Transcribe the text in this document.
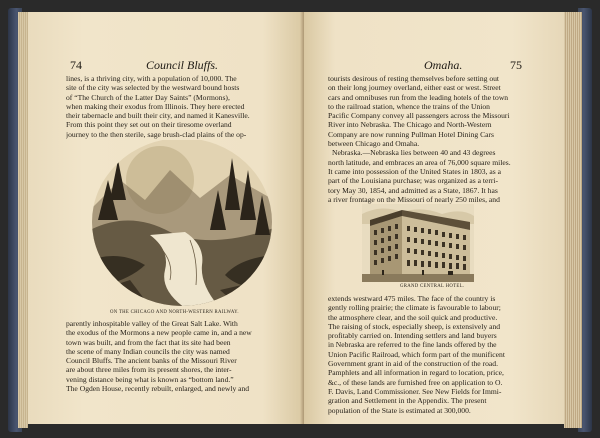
74	Council Bluffs.
lines, is a thriving city, with a population of 10,000. The
site of the city was selected by the westward bound hosts
of “The Church of the Latter Day Saints” (Mormons),
when making their exodus from Illinois. They here erected
their tabernacle and built their city, and named it Kanesville.
From this point they set out on their tiresome overland
journey to the then sterile, sage brush-clad plains of the op-
ON THE CHICAGO AND NORTH-WESTERN RAILWAY.
parently inhospitable valley of the Great Salt Lake. With
the exodus of the Mormons a new people came in, and a new
town was built, and from the fact that its site had been
the scene of many Indian councils the city was named
Council Bluffs. The ancient banks of the Missouri River
are about three miles from its present shores, the inter-
vening distance being what is known as “bottom land.”
The Ogden House, recently rebuilt, enlarged, and newly and
Omaha.	75
tourists desirous of resting themselves before setting out
on their long journey overland, either east or west. Street
cars and omnibuses run from the leading hotels of the town
to the railroad station, whence the trains of the Union
Pacific Company convey all passengers across the Missouri
River into Nebraska. The Chicago and North-Western
Company are now running Pullman Hotel Dining Cars
between Chicago and Omaha.
Nebraska.—Nebraska lies between 40 and 43 degrees
north latitude, and embraces an area of 76,000 square miles.
It came into possession of the United States in 1803, as a
part of the Louisiana purchase; was organized as a terri-
tory May 30, 1854, and admitted as a State, 1867. It has
a river frontage on the Missouri of nearly 250 miles, and
GRAND CENTRAL HOTEL.
extends westward 475 miles. The face of the country is
gently rolling prairie; the climate is favourable to labour;
the atmosphere clear, and the soil quick and productive.
The raising of stock, especially sheep, is extensively and
profitably carried on. Intending settlers and land buyers
in Nebraska are referred to the fine lands offered by the
Union Pacific Railroad, which form part of the munificent
Government grant in aid of the construction of the road.
Pamphlets and all information in regard to location, price,
&c., of these lands are furnished free on application to O.
F. Davis, Land Commissioner. See New Fields for Immi-
gration and Settlement in the Appendix. The present
population of the State is estimated at 300,000.
